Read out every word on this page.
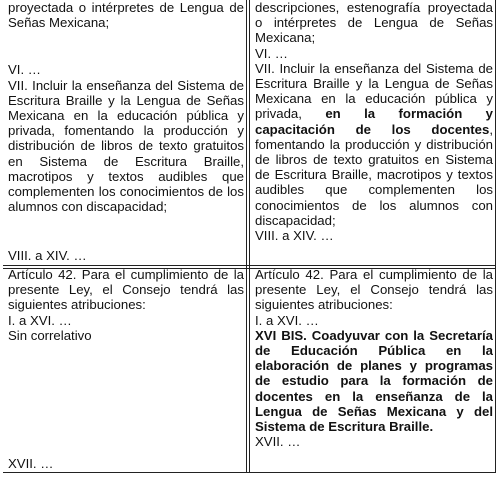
proyectada o intérpretes de Lengua de Señas Mexicana;
VI. …
VII. Incluir la enseñanza del Sistema de Escritura Braille y la Lengua de Señas Mexicana en la educación pública y privada, fomentando la producción y distribución de libros de texto gratuitos en Sistema de Escritura Braille, macrotipos y textos audibles que complementen los conocimientos de los alumnos con discapacidad;
VIII. a XIV. …
descripciones, estenografía proyectada o intérpretes de Lengua de Señas Mexicana;
VI. …
VII. Incluir la enseñanza del Sistema de Escritura Braille y la Lengua de Señas Mexicana en la educación pública y privada, en la formación y capacitación de los docentes, fomentando la producción y distribución de libros de texto gratuitos en Sistema de Escritura Braille, macrotipos y textos audibles que complementen los conocimientos de los alumnos con discapacidad;
VIII. a XIV. …
Artículo 42. Para el cumplimiento de la presente Ley, el Consejo tendrá las siguientes atribuciones:
I. a XVI. …
Sin correlativo
XVII. …
Artículo 42. Para el cumplimiento de la presente Ley, el Consejo tendrá las siguientes atribuciones:
I. a XVI. …
XVI BIS. Coadyuvar con la Secretaría de Educación Pública en la elaboración de planes y programas de estudio para la formación de docentes en la enseñanza de la Lengua de Señas Mexicana y del Sistema de Escritura Braille.
XVII. …
